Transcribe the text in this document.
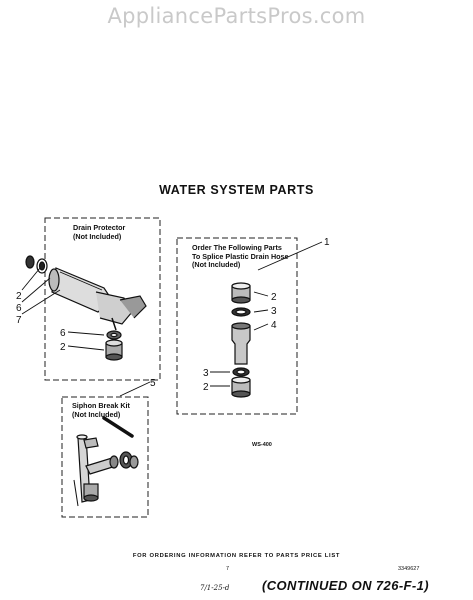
AppliancePartsPros.com
WATER SYSTEM PARTS
Drain Protector
(Not Included)
Order The Following Parts
To Splice Plastic Drain Hose
(Not Included)
Siphon Break Kit
(Not Included)
WS-400
2
6
7
6
2
1
2
3
4
3
2
5
FOR ORDERING INFORMATION REFER TO PARTS PRICE LIST
7	3349627
7/1-25-d	(CONTINUED ON 726-F-1)
